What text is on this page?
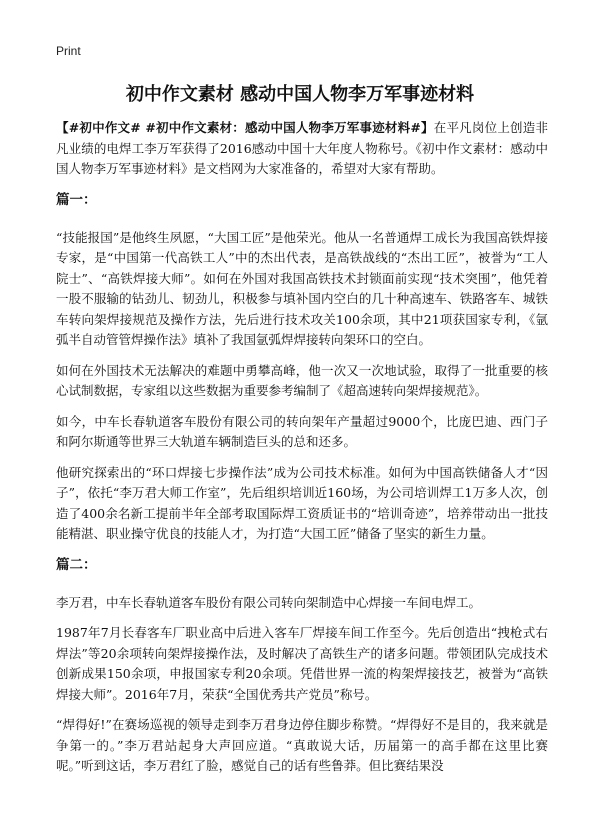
Print
初中作文素材 感动中国人物李万军事迹材料

【#初中作文# #初中作文素材：感动中国人物李万军事迹材料#】在平凡岗位上创造非凡业绩的电焊工李万军获得了2016感动中国十大年度人物称号。《初中作文素材：感动中国人物李万军事迹材料》是文档网为大家准备的，希望对大家有帮助。

篇一：

“技能报国”是他终生夙愿，“大国工匠”是他荣光。他从一名普通焊工成长为我国高铁焊接专家，是“中国第一代高铁工人”中的杰出代表，是高铁战线的“杰出工匠”，被誉为“工人院士”、“高铁焊接大师”。如何在外国对我国高铁技术封锁面前实现“技术突围”，他凭着一股不服输的钻劲儿、韧劲儿，积极参与填补国内空白的几十种高速车、铁路客车、城铁车转向架焊接规范及操作方法，先后进行技术攻关100余项，其中21项获国家专利，《氩弧半自动管管焊操作法》填补了我国氩弧焊焊接转向架环口的空白。

如何在外国技术无法解决的难题中勇攀高峰，他一次又一次地试验，取得了一批重要的核心试制数据，专家组以这些数据为重要参考编制了《超高速转向架焊接规范》。

如今，中车长春轨道客车股份有限公司的转向架年产量超过9000个，比庞巴迪、西门子和阿尔斯通等世界三大轨道车辆制造巨头的总和还多。

他研究探索出的“环口焊接七步操作法”成为公司技术标准。如何为中国高铁储备人才“因子”，依托“李万君大师工作室”，先后组织培训近160场，为公司培训焊工1万多人次，创造了400余名新工提前半年全部考取国际焊工资质证书的“培训奇迹”，培养带动出一批技能精湛、职业操守优良的技能人才，为打造“大国工匠”储备了坚实的新生力量。

篇二：

李万君，中车长春轨道客车股份有限公司转向架制造中心焊接一车间电焊工。

1987年7月长春客车厂职业高中后进入客车厂焊接车间工作至今。先后创造出“拽枪式右焊法”等20余项转向架焊接操作法，及时解决了高铁生产的诸多问题。带领团队完成技术创新成果150余项，申报国家专利20余项。凭借世界一流的构架焊接技艺，被誉为“高铁焊接大师”。2016年7月，荣获“全国优秀共产党员”称号。

“焊得好!”在赛场巡视的领导走到李万君身边停住脚步称赞。“焊得好不是目的，我来就是争第一的。”李万君站起身大声回应道。“真敢说大话，历届第一的高手都在这里比赛呢。”听到这话，李万君红了脸，感觉自己的话有些鲁莽。但比赛结果没
